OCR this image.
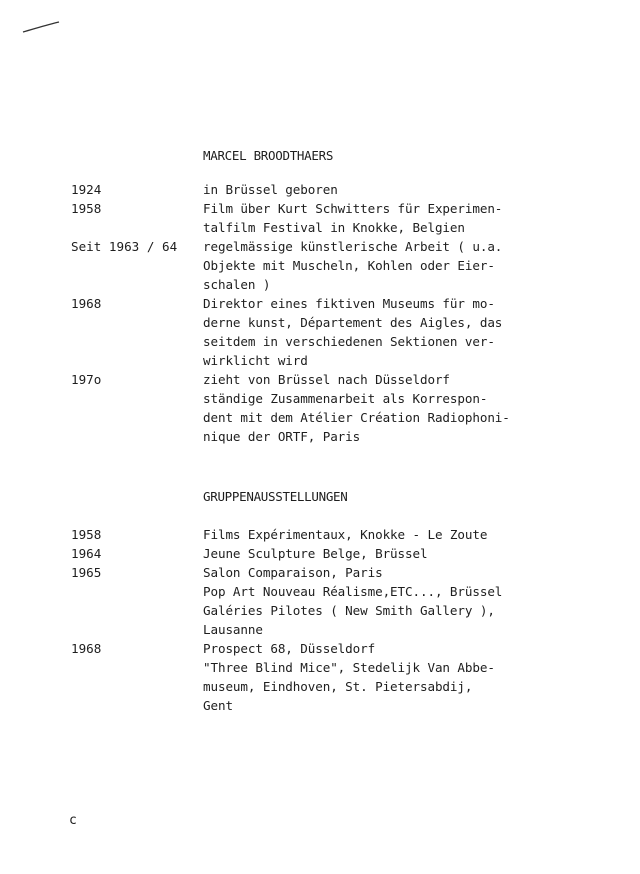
MARCEL BROODTHAERS
1924	in Brüssel geboren
1958	Film über Kurt Schwitters für Experimen-
talfilm Festival in Knokke, Belgien
Seit 1963 / 64 regelmässige künstlerische Arbeit ( u.a.
Objekte mit Muscheln, Kohlen oder Eier-
schalen )
1968	Direktor eines fiktiven Museums für mo-
derne kunst, Département des Aigles, das
seitdem in verschiedenen Sektionen ver-
wirklicht wird
197o	zieht von Brüssel nach Düsseldorf
ständige Zusammenarbeit als Korrespon-
dent mit dem Atélier Création Radiophoni-
nique der ORTF, Paris
GRUPPENAUSSTELLUNGEN
1958	Films Expérimentaux, Knokke - Le Zoute
1964	Jeune Sculpture Belge, Brüssel
1965	Salon Comparaison, Paris
Pop Art Nouveau Réalisme,ETC..., Brüssel
Galéries Pilotes ( New Smith Gallery ),
Lausanne
1968	Prospect 68, Düsseldorf
"Three Blind Mice", Stedelijk Van Abbe-
museum, Eindhoven, St. Pietersabdij,
Gent
c
